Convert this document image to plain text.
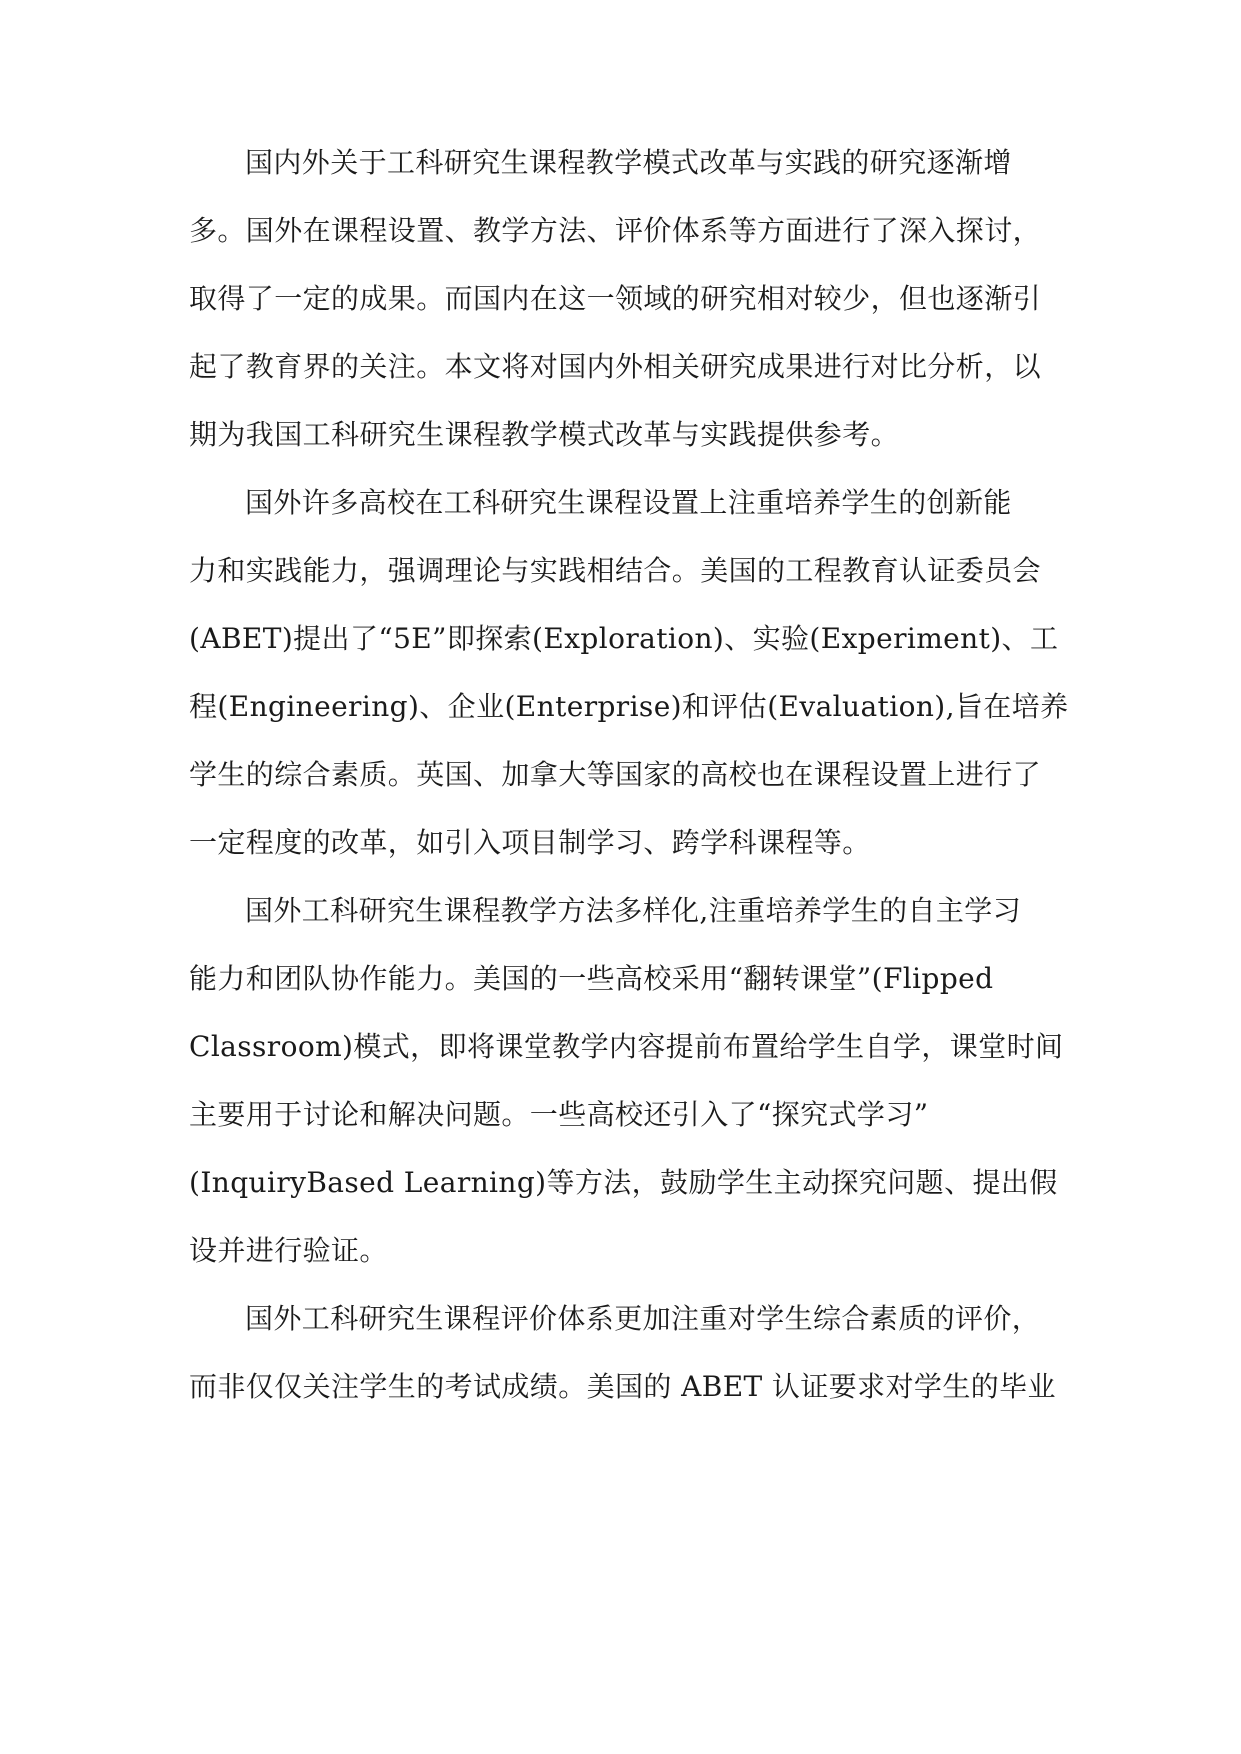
国内外关于工科研究生课程教学模式改革与实践的研究逐渐增
多。国外在课程设置、教学方法、评价体系等方面进行了深入探讨，
取得了一定的成果。而国内在这一领域的研究相对较少，但也逐渐引
起了教育界的关注。本文将对国内外相关研究成果进行对比分析，以
期为我国工科研究生课程教学模式改革与实践提供参考。
国外许多高校在工科研究生课程设置上注重培养学生的创新能
力和实践能力，强调理论与实践相结合。美国的工程教育认证委员会
(ABET)提出了“5E”即探索(Exploration)、实验(Experiment)、工
程(Engineering)、企业(Enterprise)和评估(Evaluation),旨在培养
学生的综合素质。英国、加拿大等国家的高校也在课程设置上进行了
一定程度的改革，如引入项目制学习、跨学科课程等。
国外工科研究生课程教学方法多样化,注重培养学生的自主学习
能力和团队协作能力。美国的一些高校采用“翻转课堂”(Flipped
Classroom)模式，即将课堂教学内容提前布置给学生自学，课堂时间
主要用于讨论和解决问题。一些高校还引入了“探究式学习”
(InquiryBased Learning)等方法，鼓励学生主动探究问题、提出假
设并进行验证。
国外工科研究生课程评价体系更加注重对学生综合素质的评价，
而非仅仅关注学生的考试成绩。美国的 ABET 认证要求对学生的毕业
